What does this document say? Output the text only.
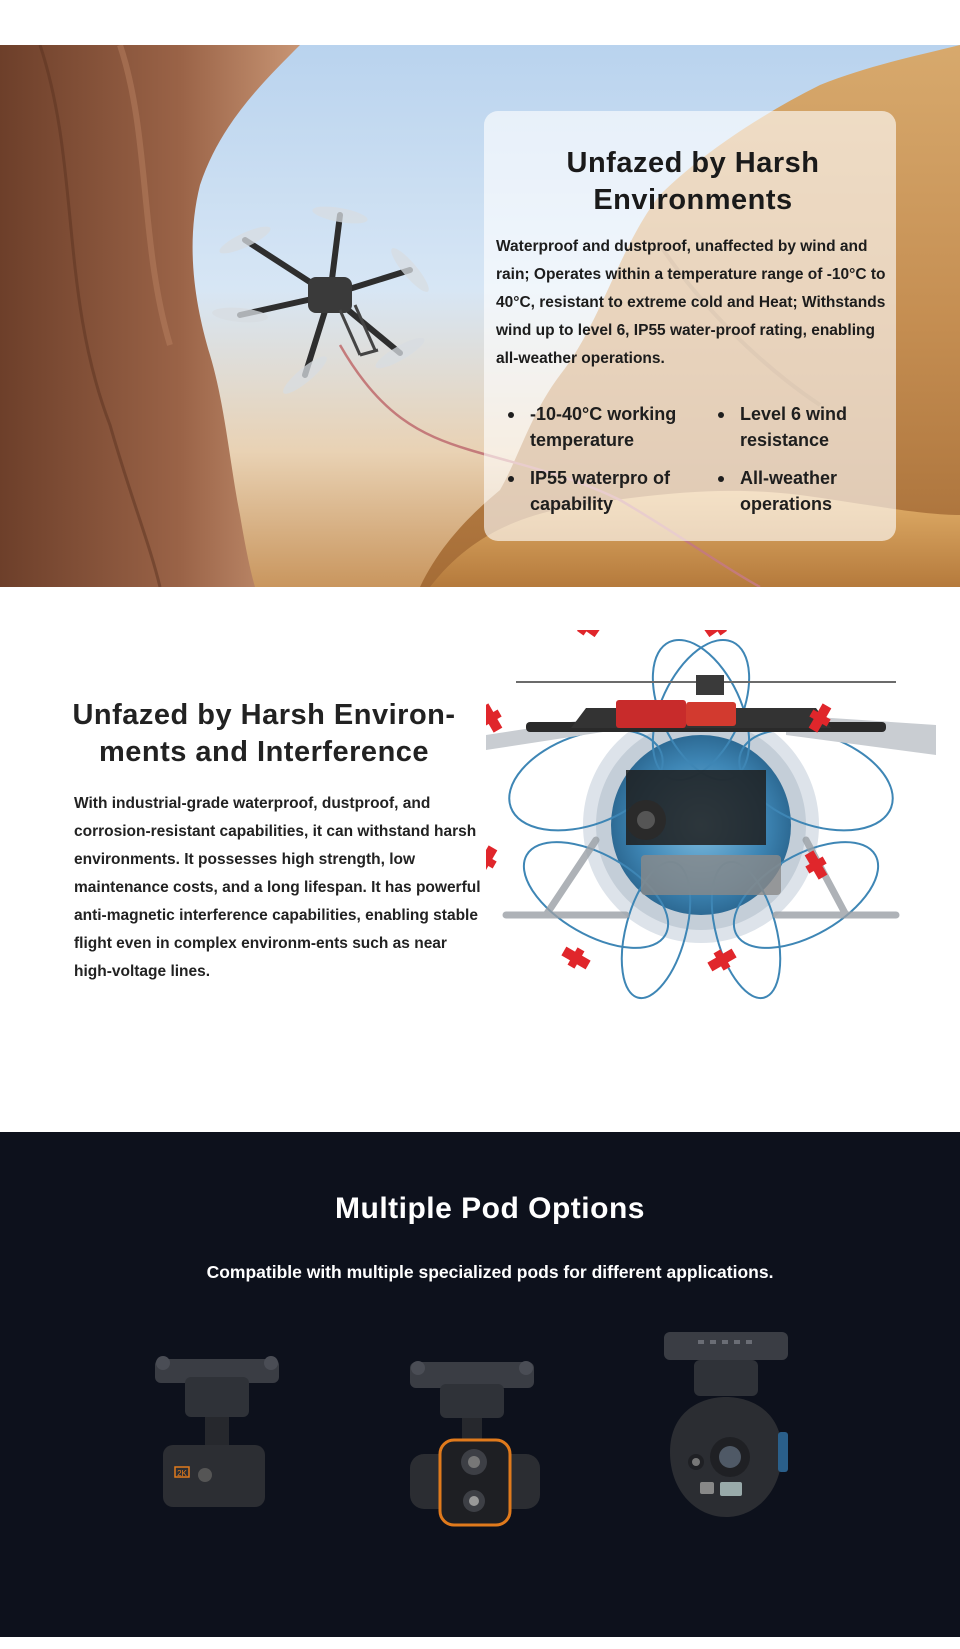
Unfazed by Harsh Environments
Waterproof and dustproof, unaffected by wind and rain; Operates within a temperature range of -10°C to 40°C, resistant to extreme cold and Heat; Withstands wind up to level 6, IP55 water-proof rating, enabling all-weather operations.
-10-40°C working temperature
Level 6 wind resistance
IP55 waterpro of capability
All-weather operations
Unfazed by Harsh Environ-ments and Interference
With industrial-grade waterproof, dustproof, and corrosion-resistant capabilities, it can withstand harsh environments. It possesses high strength, low maintenance costs, and a long lifespan. It has powerful anti-magnetic interference capabilities, enabling stable flight even in complex environm-ents such as near high-voltage lines.
Multiple Pod Options

Compatible with multiple specialized pods for different applications.

2K
